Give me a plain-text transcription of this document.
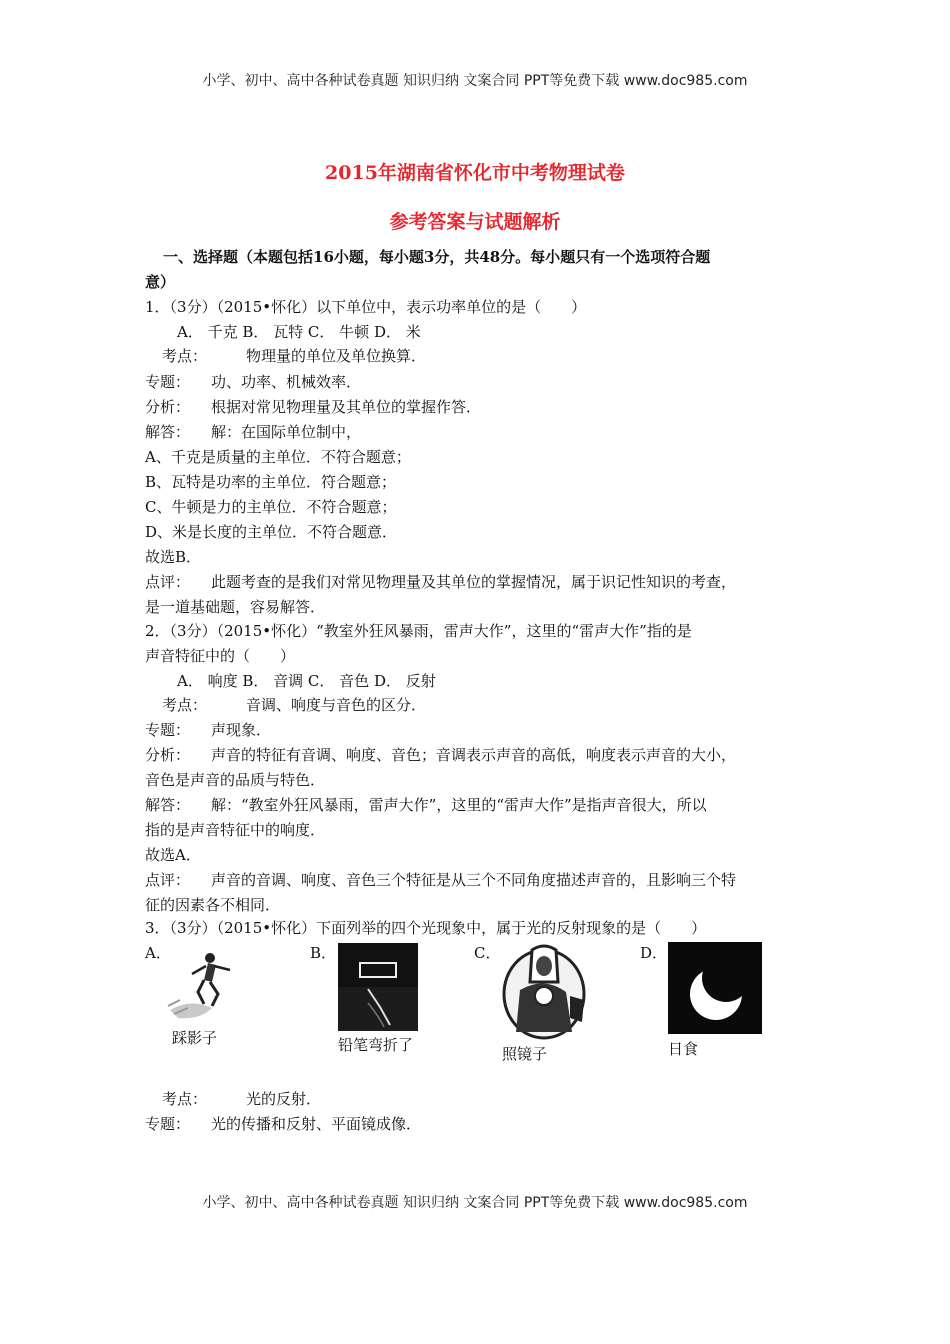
小学、初中、高中各种试卷真题 知识归纳 文案合同 PPT等免费下载 www.doc985.com
2015年湖南省怀化市中考物理试卷
参考答案与试题解析
一、选择题（本题包括16小题，每小题3分，共48分。每小题只有一个选项符合题
意）
1．（3分）（2015•怀化）以下单位中，表示功率单位的是（　　）
A． 千克 B． 瓦特 C． 牛顿 D． 米
考点：	物理量的单位及单位换算．
专题： 功、功率、机械效率．
分析： 根据对常见物理量及其单位的掌握作答．
解答： 解：在国际单位制中，
A、千克是质量的主单位．不符合题意；
B、瓦特是功率的主单位．符合题意；
C、牛顿是力的主单位．不符合题意；
D、米是长度的主单位．不符合题意．
故选B．
点评： 此题考查的是我们对常见物理量及其单位的掌握情况，属于识记性知识的考查，
是一道基础题，容易解答．
2．（3分）（2015•怀化）“教室外狂风暴雨，雷声大作”，这里的“雷声大作”指的是
声音特征中的（　　）
A． 响度 B． 音调 C． 音色 D． 反射
考点：	音调、响度与音色的区分．
专题： 声现象．
分析： 声音的特征有音调、响度、音色；音调表示声音的高低，响度表示声音的大小，
音色是声音的品质与特色．
解答： 解：“教室外狂风暴雨，雷声大作”，这里的“雷声大作”是指声音很大，所以
指的是声音特征中的响度．
故选A．
点评： 声音的音调、响度、音色三个特征是从三个不同角度描述声音的，且影响三个特
征的因素各不相同．
3．（3分）（2015•怀化）下面列举的四个光现象中，属于光的反射现象的是（　　）
A．	B．	C．	D．
踩影子	铅笔弯折了	照镜子	日食
考点：	光的反射．
专题： 光的传播和反射、平面镜成像．
小学、初中、高中各种试卷真题 知识归纳 文案合同 PPT等免费下载 www.doc985.com
